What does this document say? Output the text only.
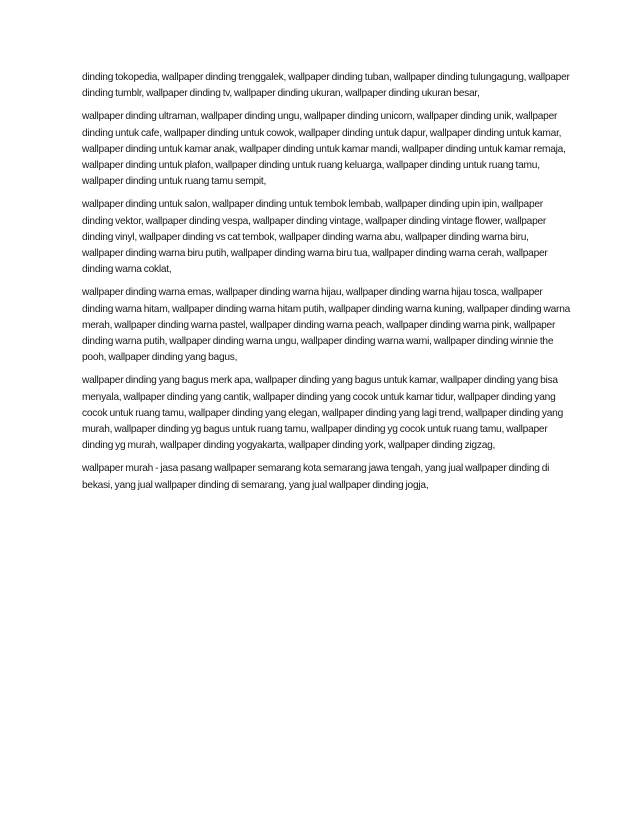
dinding tokopedia, wallpaper dinding trenggalek, wallpaper dinding tuban, wallpaper dinding tulungagung, wallpaper dinding tumblr, wallpaper dinding tv, wallpaper dinding ukuran, wallpaper dinding ukuran besar,

wallpaper dinding ultraman, wallpaper dinding ungu, wallpaper dinding unicorn, wallpaper dinding unik, wallpaper dinding untuk cafe, wallpaper dinding untuk cowok, wallpaper dinding untuk dapur, wallpaper dinding untuk kamar, wallpaper dinding untuk kamar anak, wallpaper dinding untuk kamar mandi, wallpaper dinding untuk kamar remaja, wallpaper dinding untuk plafon, wallpaper dinding untuk ruang keluarga, wallpaper dinding untuk ruang tamu, wallpaper dinding untuk ruang tamu sempit,

wallpaper dinding untuk salon, wallpaper dinding untuk tembok lembab, wallpaper dinding upin ipin, wallpaper dinding vektor, wallpaper dinding vespa, wallpaper dinding vintage, wallpaper dinding vintage flower, wallpaper dinding vinyl, wallpaper dinding vs cat tembok, wallpaper dinding warna abu, wallpaper dinding warna biru, wallpaper dinding warna biru putih, wallpaper dinding warna biru tua, wallpaper dinding warna cerah, wallpaper dinding warna coklat,

wallpaper dinding warna emas, wallpaper dinding warna hijau, wallpaper dinding warna hijau tosca, wallpaper dinding warna hitam, wallpaper dinding warna hitam putih, wallpaper dinding warna kuning, wallpaper dinding warna merah, wallpaper dinding warna pastel, wallpaper dinding warna peach, wallpaper dinding warna pink, wallpaper dinding warna putih, wallpaper dinding warna ungu, wallpaper dinding warna warni, wallpaper dinding winnie the pooh, wallpaper dinding yang bagus,

wallpaper dinding yang bagus merk apa, wallpaper dinding yang bagus untuk kamar, wallpaper dinding yang bisa menyala, wallpaper dinding yang cantik, wallpaper dinding yang cocok untuk kamar tidur, wallpaper dinding yang cocok untuk ruang tamu, wallpaper dinding yang elegan, wallpaper dinding yang lagi trend, wallpaper dinding yang murah, wallpaper dinding yg bagus untuk ruang tamu, wallpaper dinding yg cocok untuk ruang tamu, wallpaper dinding yg murah, wallpaper dinding yogyakarta, wallpaper dinding york, wallpaper dinding zigzag,

wallpaper murah - jasa pasang wallpaper semarang kota semarang jawa tengah, yang jual wallpaper dinding di bekasi, yang jual wallpaper dinding di semarang, yang jual wallpaper dinding jogja,
